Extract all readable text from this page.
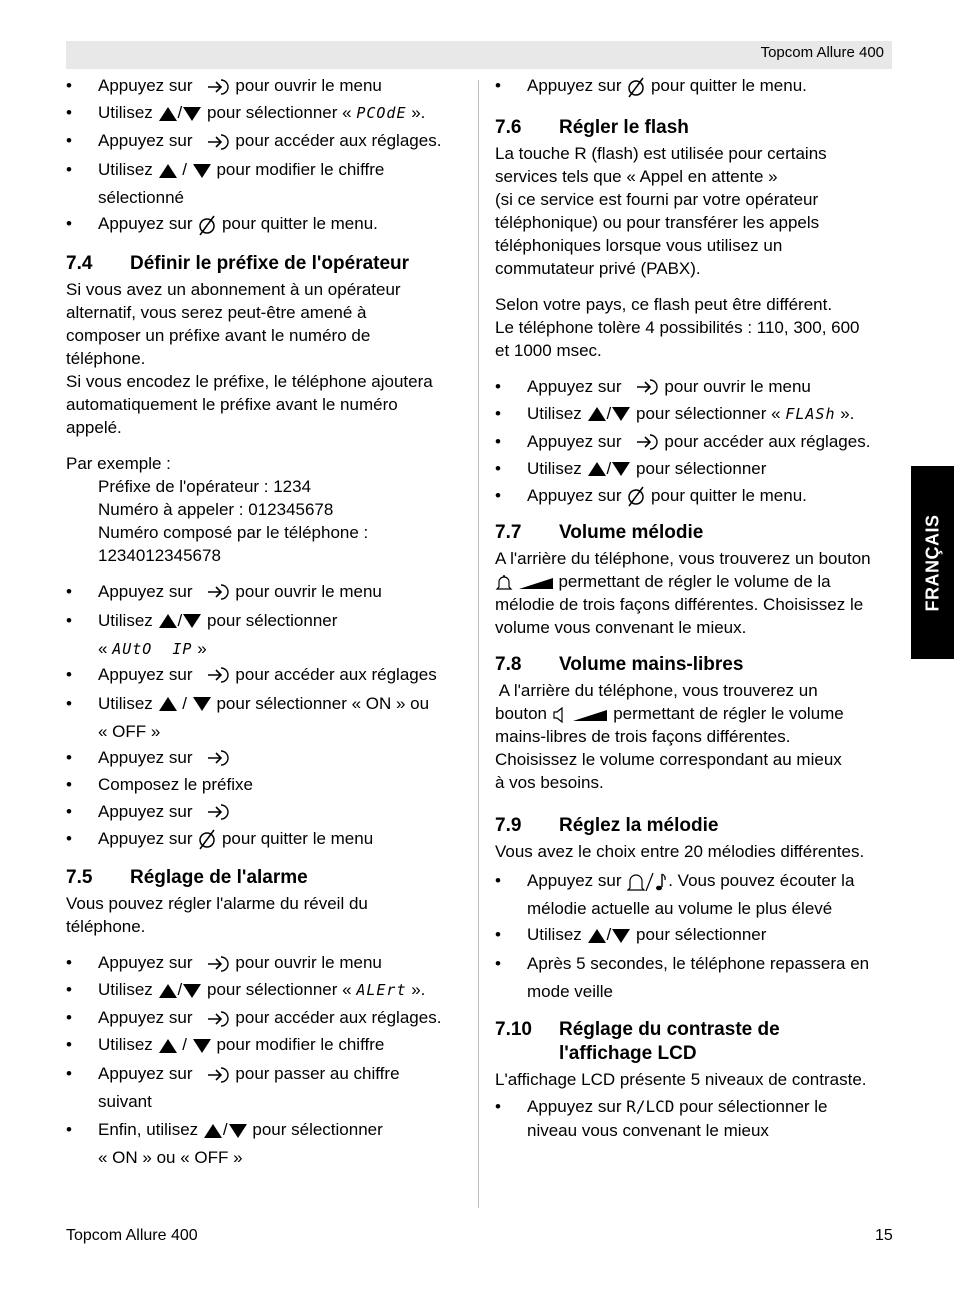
Topcom Allure 400
FRANÇAIS
• Appuyez sur	pour ouvrir le menu
• Utilisez / pour sélectionner « PCOdE ».
• Appuyez sur	pour accéder aux réglages.
• Utilisez / pour modifier le chiffre
sélectionné
• Appuyez sur pour quitter le menu.
7.4	Définir le préfixe de l'opérateur

Si vous avez un abonnement à un opérateur

alternatif, vous serez peut-être amené à

composer un préfixe avant le numéro de

téléphone.

Si vous encodez le préfixe, le téléphone ajoutera

automatiquement le préfixe avant le numéro

appelé.

Par exemple :

Préfixe de l'opérateur : 1234

Numéro à appeler : 012345678

Numéro composé par le téléphone :

1234012345678

• Appuyez sur	pour ouvrir le menu
• Utilisez / pour sélectionner
« AUtO  IP »
• Appuyez sur	pour accéder aux réglages
• Utilisez / pour sélectionner « ON » ou
« OFF »
• Appuyez sur
• Composez le préfixe
• Appuyez sur
• Appuyez sur pour quitter le menu
7.5	Réglage de l'alarme

Vous pouvez régler l'alarme du réveil du

téléphone.

• Appuyez sur	pour ouvrir le menu
• Utilisez / pour sélectionner « ALErt ».
• Appuyez sur	pour accéder aux réglages.
• Utilisez / pour modifier le chiffre
• Appuyez sur	pour passer au chiffre
suivant
• Enfin, utilisez / pour sélectionner
« ON » ou « OFF »
• Appuyez sur pour quitter le menu.
7.6	Régler le flash

La touche R (flash) est utilisée pour certains

services tels que « Appel en attente »

(si ce service est fourni par votre opérateur

téléphonique) ou pour transférer les appels

téléphoniques lorsque vous utilisez un

commutateur privé (PABX).

Selon votre pays, ce flash peut être différent.

Le téléphone tolère 4 possibilités : 110, 300, 600

et 1000 msec.

• Appuyez sur	pour ouvrir le menu
• Utilisez / pour sélectionner « FLASh ».
• Appuyez sur	pour accéder aux réglages.
• Utilisez / pour sélectionner
• Appuyez sur pour quitter le menu.
7.7	Volume mélodie

A l'arrière du téléphone, vous trouverez un bouton

permettant de régler le volume de la

mélodie de trois façons différentes. Choisissez le

volume vous convenant le mieux.

7.8	Volume mains-libres

A l'arrière du téléphone, vous trouverez un

bouton	permettant de régler le volume

mains-libres de trois façons différentes.

Choisissez le volume correspondant au mieux

à vos besoins.

7.9	Réglez la mélodie

Vous avez le choix entre 20 mélodies différentes.

• Appuyez sur	. Vous pouvez écouter la
mélodie actuelle au volume le plus élevé
• Utilisez / pour sélectionner
• Après 5 secondes, le téléphone repassera en
mode veille
7.10	Réglage du contraste de
l'affichage LCD

L'affichage LCD présente 5 niveaux de contraste.

• Appuyez sur R/LCD pour sélectionner le
niveau vous convenant le mieux
Topcom Allure 400	15
